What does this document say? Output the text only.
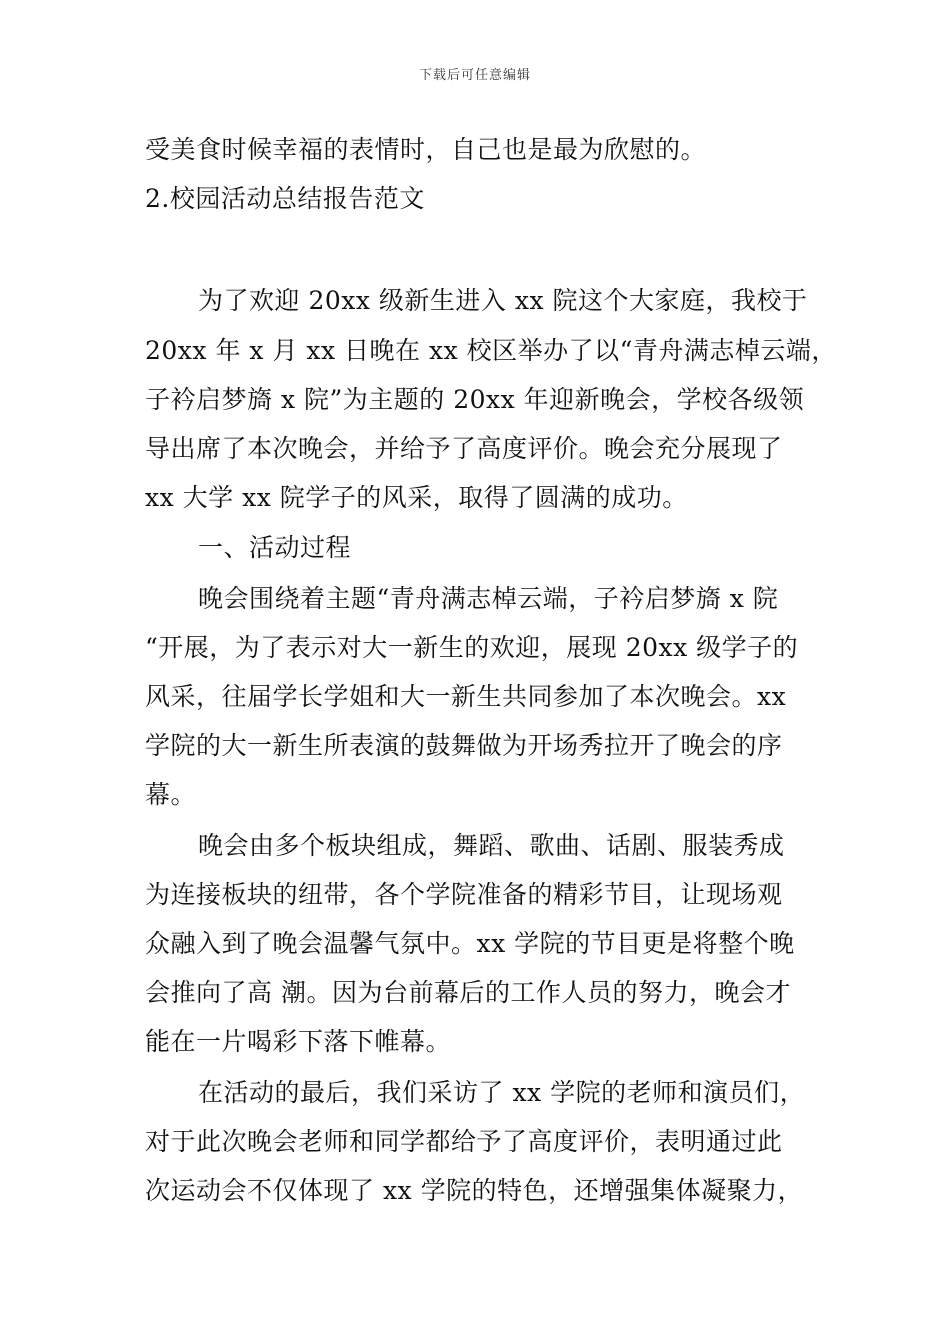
下载后可任意编辑
受美食时候幸福的表情时，自己也是最为欣慰的。
2.校园活动总结报告范文
为了欢迎 20xx 级新生进入 xx 院这个大家庭，我校于
20xx 年 x 月 xx 日晚在 xx 校区举办了以“青舟满志棹云端，
子衿启梦旖 x 院”为主题的 20xx 年迎新晚会，学校各级领
导出席了本次晚会，并给予了高度评价。晚会充分展现了
xx 大学 xx 院学子的风采，取得了圆满的成功。
一、活动过程
晚会围绕着主题“青舟满志棹云端，子衿启梦旖 x 院
“开展，为了表示对大一新生的欢迎，展现 20xx 级学子的
风采，往届学长学姐和大一新生共同参加了本次晚会。xx
学院的大一新生所表演的鼓舞做为开场秀拉开了晚会的序
幕。
晚会由多个板块组成，舞蹈、歌曲、话剧、服装秀成
为连接板块的纽带，各个学院准备的精彩节目，让现场观
众融入到了晚会温馨气氛中。xx 学院的节目更是将整个晚
会推向了高 潮。因为台前幕后的工作人员的努力，晚会才
能在一片喝彩下落下帷幕。
在活动的最后，我们采访了 xx 学院的老师和演员们，
对于此次晚会老师和同学都给予了高度评价，表明通过此
次运动会不仅体现了 xx 学院的特色，还增强集体凝聚力，
